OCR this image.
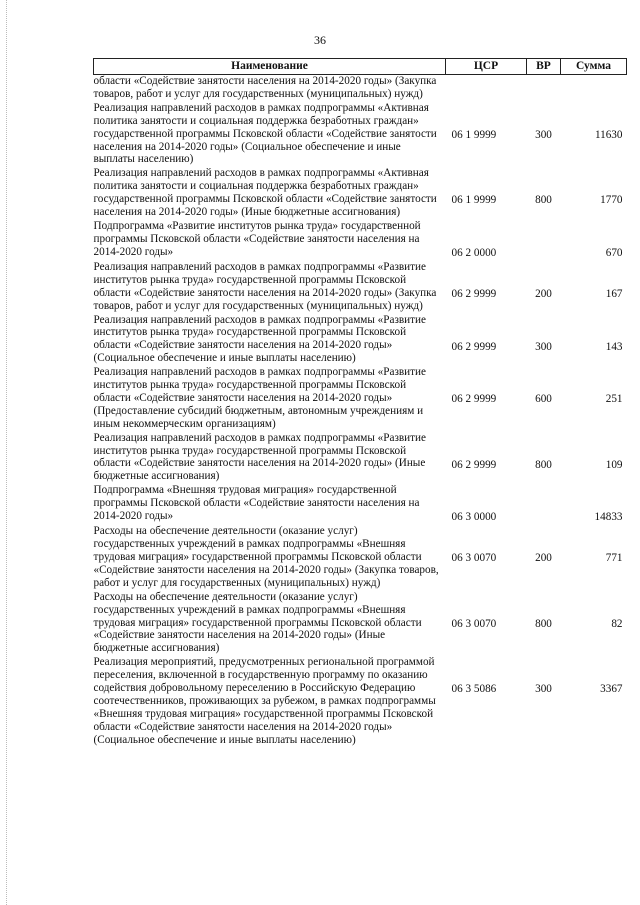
36
Наименование	ЦСР	ВР	Сумма
области «Содействие занятости населения на 2014-2020 годы» (Закупка товаров, работ и услуг для государственных (муниципальных) нужд)			
Реализация направлений расходов в рамках подпрограммы «Активная политика занятости и социальная поддержка безработных граждан» государственной программы Псковской области «Содействие занятости населения на 2014-2020 годы» (Социальное обеспечение и иные выплаты населению)	06 1 9999	300	11630
Реализация направлений расходов в рамках подпрограммы «Активная политика занятости и социальная поддержка безработных граждан» государственной программы Псковской области «Содействие занятости населения на 2014-2020 годы» (Иные бюджетные ассигнования)	06 1 9999	800	1770
Подпрограмма «Развитие институтов рынка труда» государственной программы Псковской области «Содействие занятости населения на 2014-2020 годы»	06 2 0000		670
Реализация направлений расходов в рамках подпрограммы «Развитие институтов рынка труда» государственной программы Псковской области «Содействие занятости населения на 2014-2020 годы» (Закупка товаров, работ и услуг для государственных (муниципальных) нужд)	06 2 9999	200	167
Реализация направлений расходов в рамках подпрограммы «Развитие институтов рынка труда» государственной программы Псковской области «Содействие занятости населения на 2014-2020 годы» (Социальное обеспечение и иные выплаты населению)	06 2 9999	300	143
Реализация направлений расходов в рамках подпрограммы «Развитие институтов рынка труда» государственной программы Псковской области «Содействие занятости населения на 2014-2020 годы» (Предоставление субсидий бюджетным, автономным учреждениям и иным некоммерческим организациям)	06 2 9999	600	251
Реализация направлений расходов в рамках подпрограммы «Развитие институтов рынка труда» государственной программы Псковской области «Содействие занятости населения на 2014-2020 годы» (Иные бюджетные ассигнования)	06 2 9999	800	109
Подпрограмма «Внешняя трудовая миграция» государственной программы Псковской области «Содействие занятости населения на 2014-2020 годы»	06 3 0000		14833
Расходы на обеспечение деятельности (оказание услуг) государственных учреждений в рамках подпрограммы «Внешняя трудовая миграция» государственной программы Псковской области «Содействие занятости населения на 2014-2020 годы» (Закупка товаров, работ и услуг для государственных (муниципальных) нужд)	06 3 0070	200	771
Расходы на обеспечение деятельности (оказание услуг) государственных учреждений в рамках подпрограммы «Внешняя трудовая миграция» государственной программы Псковской области «Содействие занятости населения на 2014-2020 годы» (Иные бюджетные ассигнования)	06 3 0070	800	82
Реализация мероприятий, предусмотренных региональной программой переселения, включенной в государственную программу по оказанию содействия добровольному переселению в Российскую Федерацию соотечественников, проживающих за рубежом, в рамках подпрограммы «Внешняя трудовая миграция» государственной программы Псковской области «Содействие занятости населения на 2014-2020 годы» (Социальное обеспечение и иные выплаты населению)	06 3 5086	300	3367
